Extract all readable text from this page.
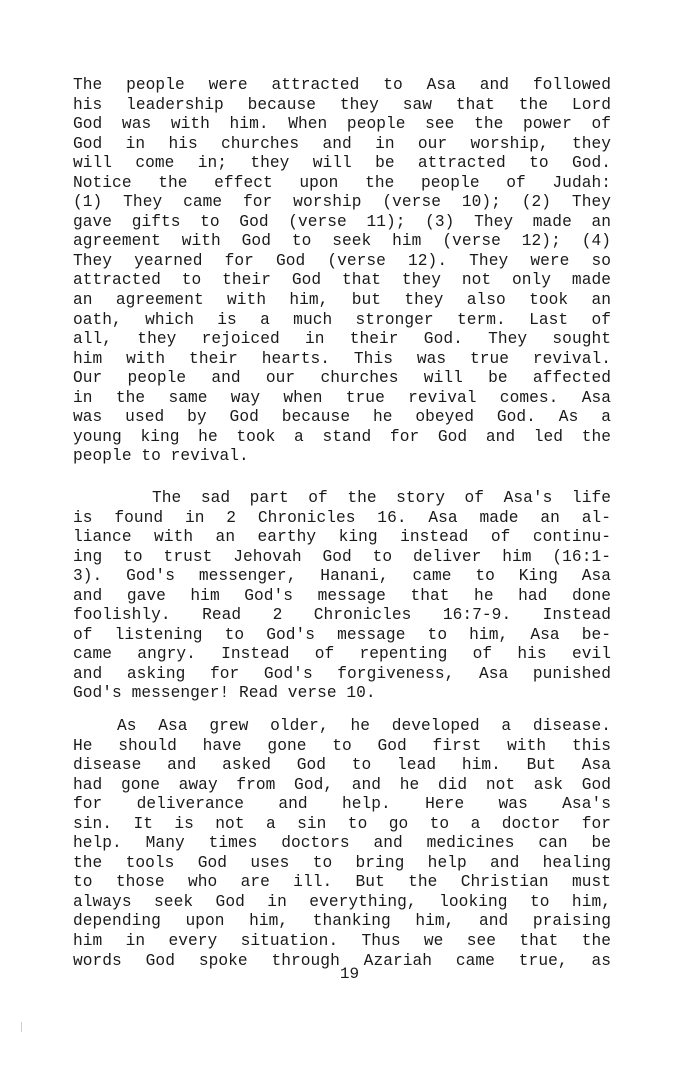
The people were attracted to Asa and followed
his leadership because they saw that the Lord
God was with him. When people see the power of
God in his churches and in our worship, they
will come in; they will be attracted to God.
Notice the effect upon the people of Judah:
(1) They came for worship (verse 10); (2) They
gave gifts to God (verse 11); (3) They made an
agreement with God to seek him (verse 12); (4)
They yearned for God (verse 12). They were so
attracted to their God that they not only made
an agreement with him, but they also took an
oath, which is a much stronger term. Last of
all, they rejoiced in their God. They sought
him with their hearts. This was true revival.
Our people and our churches will be affected
in the same way when true revival comes. Asa
was used by God because he obeyed God. As a
young king he took a stand for God and led the
people to revival.
The sad part of the story of Asa's life
is found in 2 Chronicles 16. Asa made an al-
liance with an earthy king instead of continu-
ing to trust Jehovah God to deliver him (16:1-
3). God's messenger, Hanani, came to King Asa
and gave him God's message that he had done
foolishly. Read 2 Chronicles 16:7-9. Instead
of listening to God's message to him, Asa be-
came angry. Instead of repenting of his evil
and asking for God's forgiveness, Asa punished
God's messenger! Read verse 10.
As Asa grew older, he developed a disease.
He should have gone to God first with this
disease and asked God to lead him. But Asa
had gone away from God, and he did not ask God
for deliverance and help. Here was Asa's
sin. It is not a sin to go to a doctor for
help. Many times doctors and medicines can be
the tools God uses to bring help and healing
to those who are ill. But the Christian must
always seek God in everything, looking to him,
depending upon him, thanking him, and praising
him in every situation. Thus we see that the
words God spoke through Azariah came true, as
19
